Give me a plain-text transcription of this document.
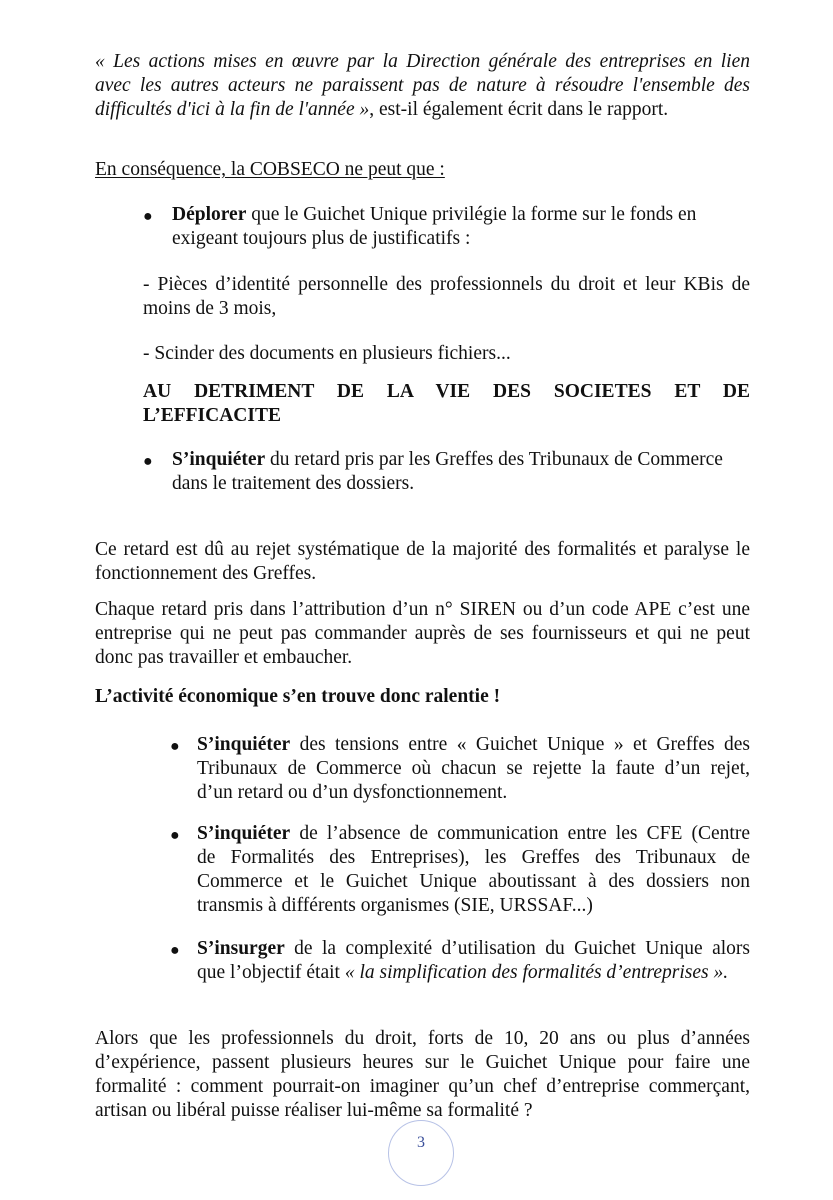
« Les actions mises en œuvre par la Direction générale des entreprises en lien
avec les autres acteurs ne paraissent pas de nature à résoudre l'ensemble des
difficultés d'ici à la fin de l'année », est-il également écrit dans le rapport.
En conséquence, la COBSECO ne peut que :
● Déplorer que le Guichet Unique privilégie la forme sur le fonds en
exigeant toujours plus de justificatifs :
- Pièces d’identité personnelle des professionnels du droit et leur KBis de
moins de 3 mois,
- Scinder des documents en plusieurs fichiers...
AU DETRIMENT DE LA VIE DES SOCIETES ET DE
L’EFFICACITE
● S’inquiéter du retard pris par les Greffes des Tribunaux de Commerce
dans le traitement des dossiers.
Ce retard est dû au rejet systématique de la majorité des formalités et paralyse le
fonctionnement des Greffes.
Chaque retard pris dans l’attribution d’un n° SIREN ou d’un code APE c’est une
entreprise qui ne peut pas commander auprès de ses fournisseurs et qui ne peut
donc pas travailler et embaucher.
L’activité économique s’en trouve donc ralentie !
● S’inquiéter des tensions entre « Guichet Unique » et Greffes des
Tribunaux de Commerce où chacun se rejette la faute d’un rejet,
d’un retard ou d’un dysfonctionnement.
● S’inquiéter de l’absence de communication entre les CFE (Centre
de Formalités des Entreprises), les Greffes des Tribunaux de
Commerce et le Guichet Unique aboutissant à des dossiers non
transmis à différents organismes (SIE, URSSAF...)
● S’insurger de la complexité d’utilisation du Guichet Unique alors
que l’objectif était « la simplification des formalités d’entreprises ».
Alors que les professionnels du droit, forts de 10, 20 ans ou plus d’années
d’expérience, passent plusieurs heures sur le Guichet Unique pour faire une
formalité : comment pourrait-on imaginer qu’un chef d’entreprise commerçant,
artisan ou libéral puisse réaliser lui-même sa formalité ?
3
